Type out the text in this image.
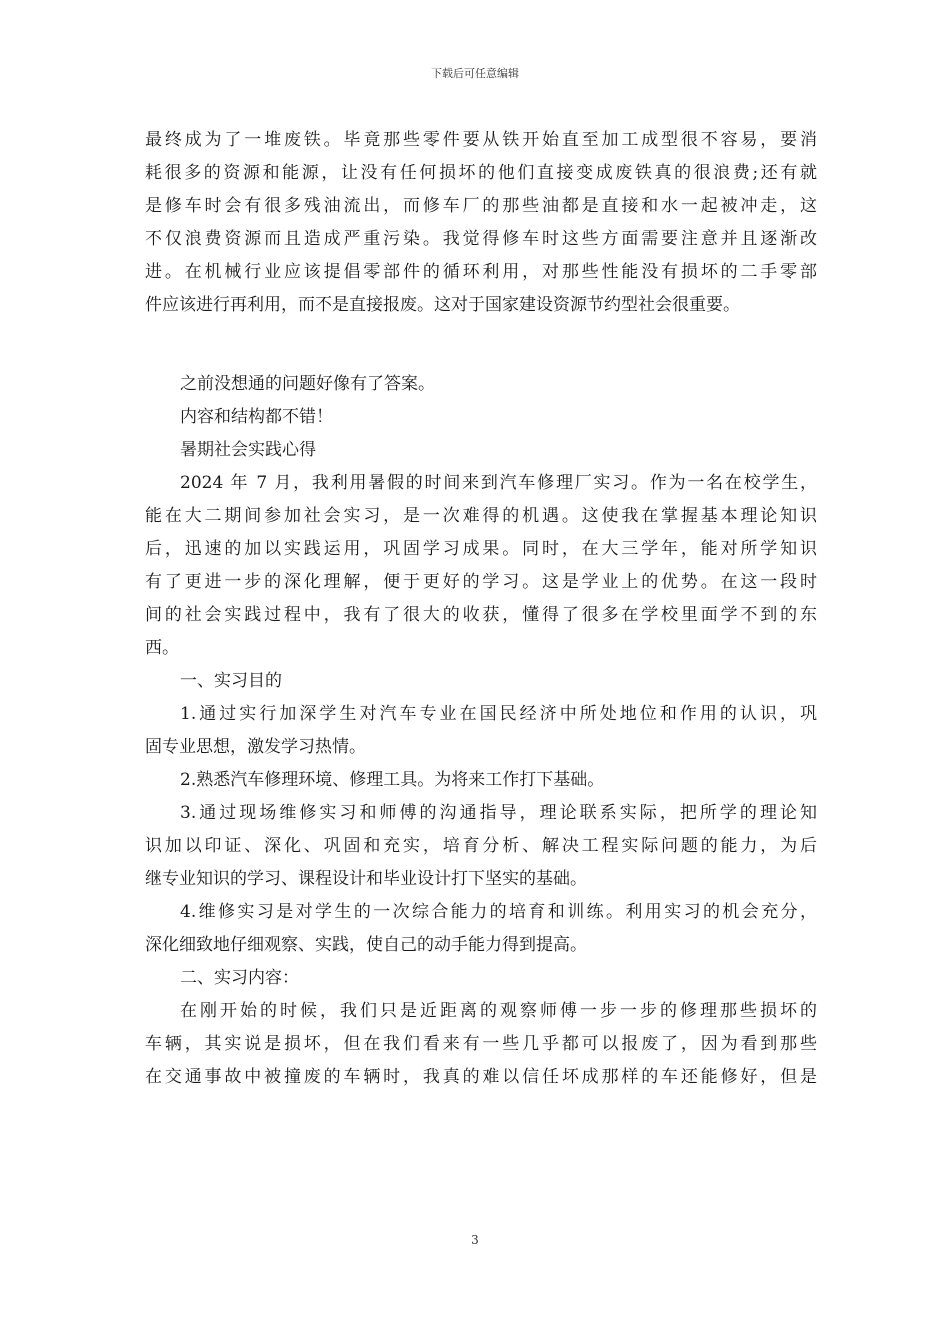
下载后可任意编辑
最终成为了一堆废铁。毕竟那些零件要从铁开始直至加工成型很不容易，要消
耗很多的资源和能源，让没有任何损坏的他们直接变成废铁真的很浪费;还有就
是修车时会有很多残油流出，而修车厂的那些油都是直接和水一起被冲走，这
不仅浪费资源而且造成严重污染。我觉得修车时这些方面需要注意并且逐渐改
进。在机械行业应该提倡零部件的循环利用，对那些性能没有损坏的二手零部
件应该进行再利用，而不是直接报废。这对于国家建设资源节约型社会很重要。
之前没想通的问题好像有了答案。
内容和结构都不错！
暑期社会实践心得
2024 年 7 月，我利用暑假的时间来到汽车修理厂实习。作为一名在校学生，
能在大二期间参加社会实习，是一次难得的机遇。这使我在掌握基本理论知识
后，迅速的加以实践运用，巩固学习成果。同时，在大三学年，能对所学知识
有了更进一步的深化理解，便于更好的学习。这是学业上的优势。在这一段时
间的社会实践过程中，我有了很大的收获，懂得了很多在学校里面学不到的东
西。
一、实习目的
1.通过实行加深学生对汽车专业在国民经济中所处地位和作用的认识，巩
固专业思想，激发学习热情。
2.熟悉汽车修理环境、修理工具。为将来工作打下基础。
3.通过现场维修实习和师傅的沟通指导，理论联系实际，把所学的理论知
识加以印证、深化、巩固和充实，培育分析、解决工程实际问题的能力，为后
继专业知识的学习、课程设计和毕业设计打下坚实的基础。
4.维修实习是对学生的一次综合能力的培育和训练。利用实习的机会充分，
深化细致地仔细观察、实践，使自己的动手能力得到提高。
二、实习内容：
在刚开始的时候，我们只是近距离的观察师傅一步一步的修理那些损坏的
车辆，其实说是损坏，但在我们看来有一些几乎都可以报废了，因为看到那些
在交通事故中被撞废的车辆时，我真的难以信任坏成那样的车还能修好，但是
3
